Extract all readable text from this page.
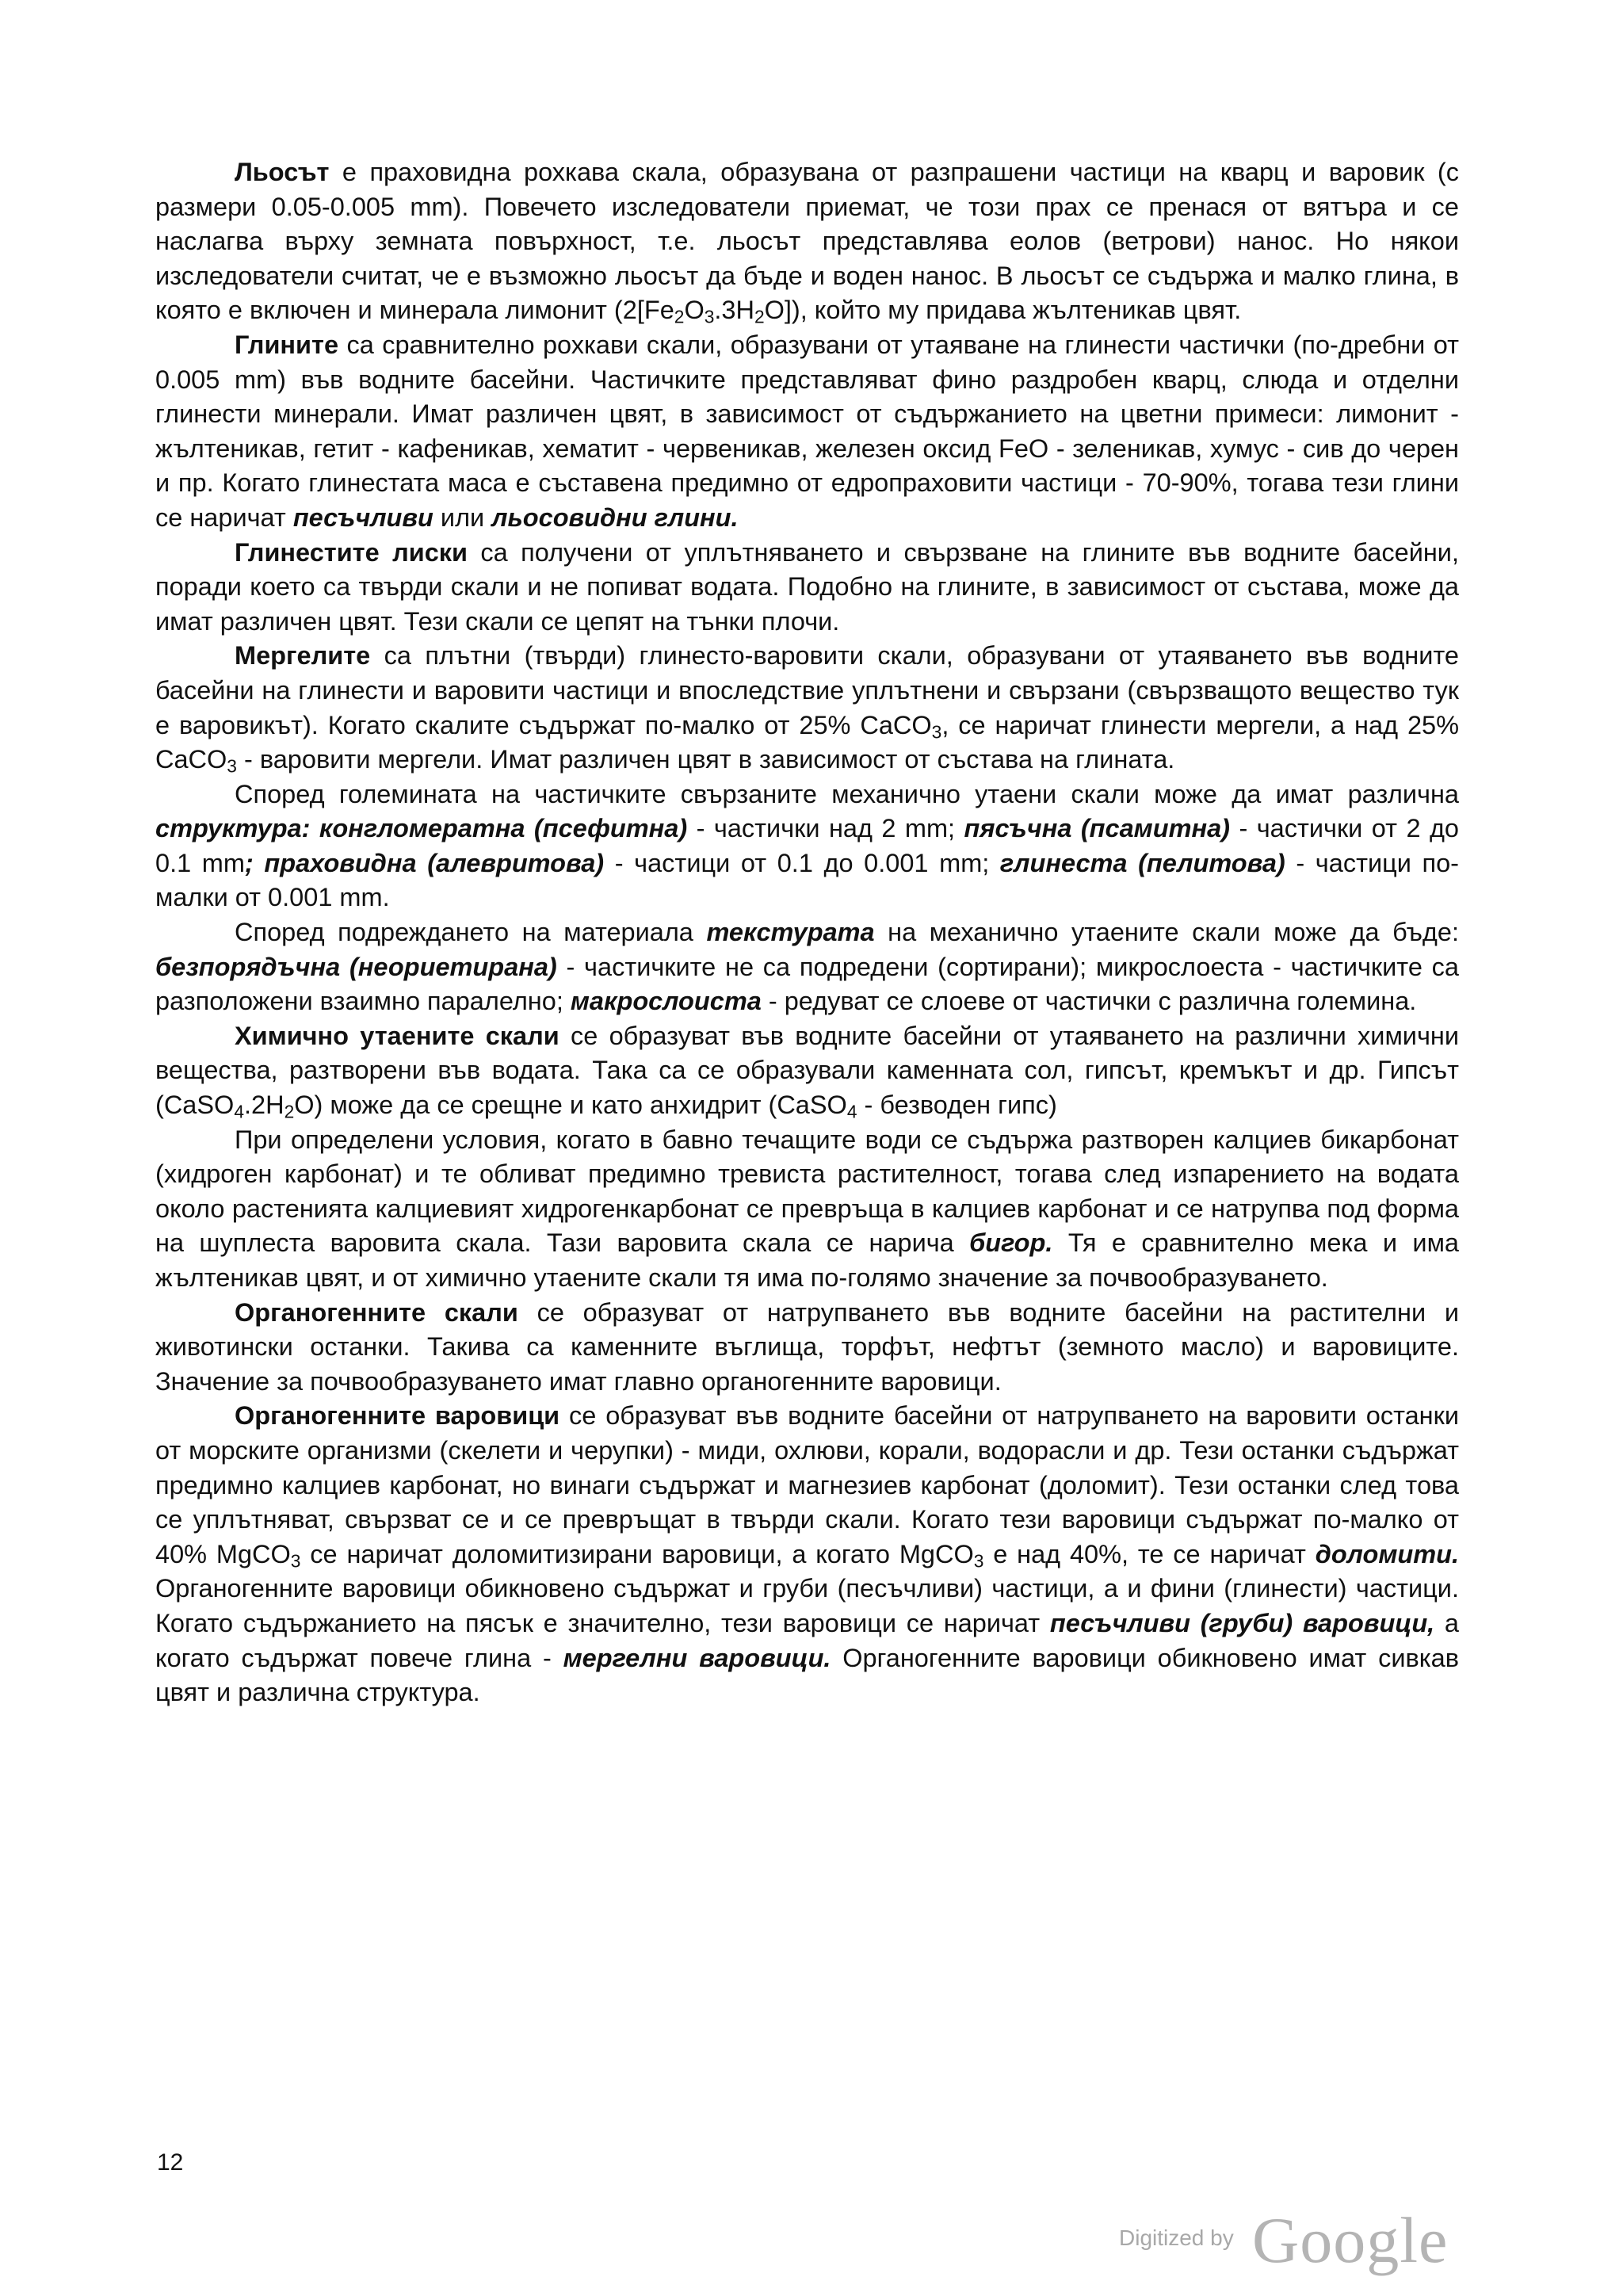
Льосът е праховидна рохкава скала, образувана от разпрашени частици на кварц и варовик (с размери 0.05-0.005 mm). Повечето изследователи приемат, че този прах се пренася от вятъра и се наслагва върху земната повърхност, т.е. льосът представлява еолов (ветрови) нанос. Но някои изследователи считат, че е възможно льосът да бъде и воден нанос. В льосът се съдържа и малко глина, в която е включен и минерала лимонит $(2[Fe_2O_3.3H_2O])$, който му придава жълтеникав цвят.

Глините са сравнително рохкави скали, образувани от утаяване на глинести частички (по-дребни от 0.005 mm) във водните басейни. Частичките представляват фино раздробен кварц, слюда и отделни глинести минерали. Имат различен цвят, в зависимост от съдържанието на цветни примеси: лимонит - жълтеникав, гетит - кафеникав, хематит - червеникав, железен оксид FeO - зеленикав, хумус - сив до черен и пр. Когато глинестата маса е съставена предимно от едропраховити частици - 70-90%, тогава тези глини се наричат песъчливи или льосовидни глини.

Глинестите лиски са получени от уплътняването и свързване на глините във водните басейни, поради което са твърди скали и не попиват водата. Подобно на глините, в зависимост от състава, може да имат различен цвят. Тези скали се цепят на тънки плочи.

Мергелите са плътни (твърди) глинесто-варовити скали, образувани от утаяването във водните басейни на глинести и варовити частици и впоследствие уплътнени и свързани (свързващото вещество тук е варовикът). Когато скалите съдържат по-малко от 25% CaCO$_3$, се наричат глинести мергели, а над 25% CaCO$_3$ - варовити мергели. Имат различен цвят в зависимост от състава на глината.

Според големината на частичките свързаните механично утаени скали може да имат различна структура: конгломератна (псефитна) - частички над 2 mm; пясъчна (псамитна) - частички от 2 до 0.1 mm; праховидна (алевритова) - частици от 0.1 до 0.001 mm; глинеста (пелитова) - частици по-малки от 0.001 mm.

Според подреждането на материала текстурата на механично утаените скали може да бъде: безпорядъчна (неориетирана) - частичките не са подредени (сортирани); микрослоеста - частичките са разположени взаимно паралелно; макрослоиста - редуват се слоеве от частички с различна големина.

Химично утаените скали се образуват във водните басейни от утаяването на различни химични вещества, разтворени във водата. Така са се образували каменната сол, гипсът, кремъкът и др. Гипсът $(CaSO_4.2H_2O)$ може да се срещне и като анхидрит (CaSO$_4$ - безводен гипс)

При определени условия, когато в бавно течащите води се съдържа разтворен калциев бикарбонат (хидроген карбонат) и те обливат предимно тревиста растителност, тогава след изпарението на водата около растенията калциевият хидрогенкарбонат се превръща в калциев карбонат и се натрупва под форма на шуплеста варовита скала. Тази варовита скала се нарича бигор. Тя е сравнително мека и има жълтеникав цвят, и от химично утаените скали тя има по-голямо значение за почвообразуването.

Органогенните скали се образуват от натрупването във водните басейни на растителни и животински останки. Такива са каменните въглища, торфът, нефтът (земното масло) и варовиците. Значение за почвообразуването имат главно органогенните варовици.

Органогенните варовици се образуват във водните басейни от натрупването на варовити останки от морските организми (скелети и черупки) - миди, охлюви, корали, водорасли и др. Тези останки съдържат предимно калциев карбонат, но винаги съдържат и магнезиев карбонат (доломит). Тези останки след това се уплътняват, свързват се и се превръщат в твърди скали. Когато тези варовици съдържат по-малко от 40% MgCO$_3$ се наричат доломитизирани варовици, а когато MgCO$_3$ е над 40%, те се наричат доломити. Органогенните варовици обикновено съдържат и груби (песъчливи) частици, а и фини (глинести) частици. Когато съдържанието на пясък е значително, тези варовици се наричат песъчливи (груби) варовици, а когато съдържат повече глина - мергелни варовици. Органогенните варовици обикновено имат сивкав цвят и различна структура.

12
Digitized by Google
